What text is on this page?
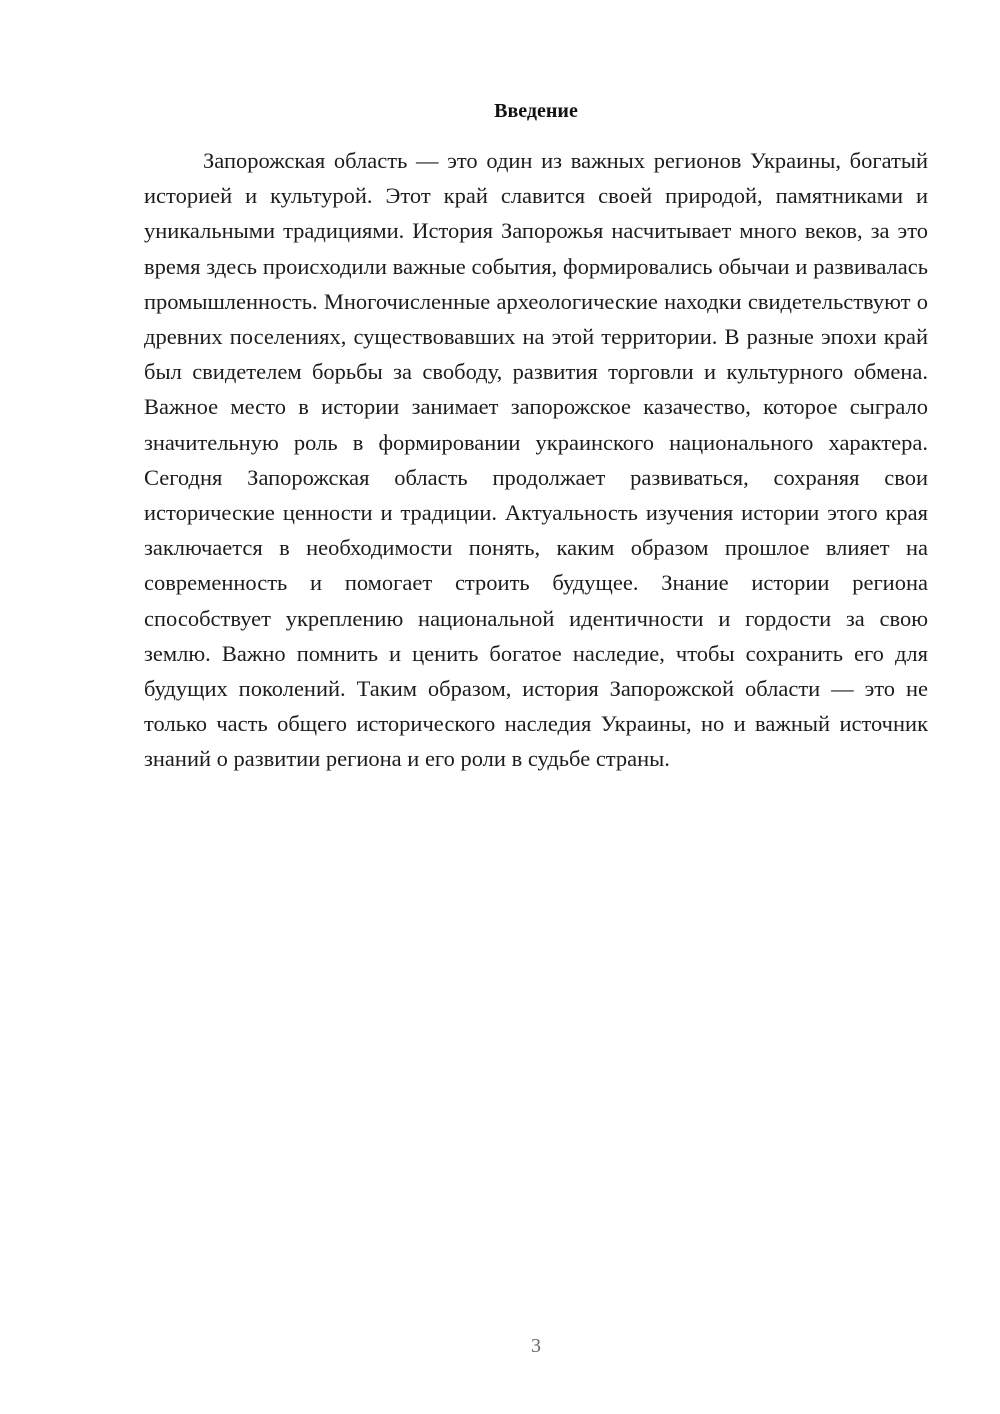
Введение

Запорожская область — это один из важных регионов Украины, богатый историей и культурой. Этот край славится своей природой, памятниками и уникальными традициями. История Запорожья насчитывает много веков, за это время здесь происходили важные события, формировались обычаи и развивалась промышленность. Многочисленные археологические находки свидетельствуют о древних поселениях, существовавших на этой территории. В разные эпохи край был свидетелем борьбы за свободу, развития торговли и культурного обмена. Важное место в истории занимает запорожское казачество, которое сыграло значительную роль в формировании украинского национального характера. Сегодня Запорожская область продолжает развиваться, сохраняя свои исторические ценности и традиции. Актуальность изучения истории этого края заключается в необходимости понять, каким образом прошлое влияет на современность и помогает строить будущее. Знание истории региона способствует укреплению национальной идентичности и гордости за свою землю. Важно помнить и ценить богатое наследие, чтобы сохранить его для будущих поколений. Таким образом, история Запорожской области — это не только часть общего исторического наследия Украины, но и важный источник знаний о развитии региона и его роли в судьбе страны.

3
